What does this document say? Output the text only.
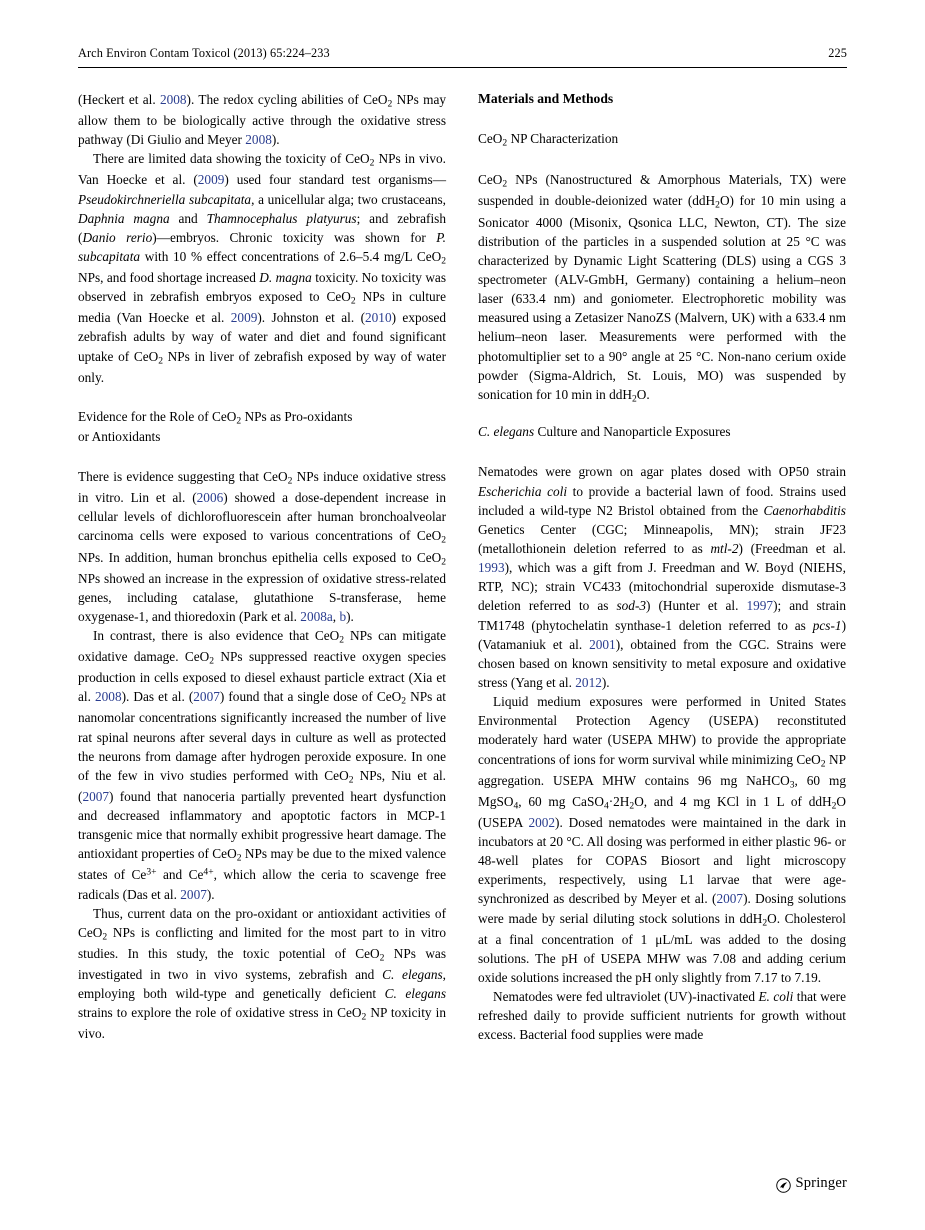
Arch Environ Contam Toxicol (2013) 65:224–233	225

(Heckert et al. 2008). The redox cycling abilities of CeO$_2$ NPs may allow them to be biologically active through the oxidative stress pathway (Di Giulio and Meyer 2008).

There are limited data showing the toxicity of CeO$_2$ NPs in vivo. Van Hoecke et al. (2009) used four standard test organisms—Pseudokirchneriella subcapitata, a unicellular alga; two crustaceans, Daphnia magna and Thamnocephalus platyurus; and zebrafish (Danio rerio)—embryos. Chronic toxicity was shown for P. subcapitata with 10 % effect concentrations of 2.6–5.4 mg/L CeO$_2$ NPs, and food shortage increased D. magna toxicity. No toxicity was observed in zebrafish embryos exposed to CeO$_2$ NPs in culture media (Van Hoecke et al. 2009). Johnston et al. (2010) exposed zebrafish adults by way of water and diet and found significant uptake of CeO$_2$ NPs in liver of zebrafish exposed by way of water only.

Evidence for the Role of CeO$_2$ NPs as Pro-oxidants
or Antioxidants

There is evidence suggesting that CeO$_2$ NPs induce oxidative stress in vitro. Lin et al. (2006) showed a dose-dependent increase in cellular levels of dichlorofluorescein after human bronchoalveolar carcinoma cells were exposed to various concentrations of CeO$_2$ NPs. In addition, human bronchus epithelia cells exposed to CeO$_2$ NPs showed an increase in the expression of oxidative stress-related genes, including catalase, glutathione S-transferase, heme oxygenase-1, and thioredoxin (Park et al. 2008a, b).

In contrast, there is also evidence that CeO$_2$ NPs can mitigate oxidative damage. CeO$_2$ NPs suppressed reactive oxygen species production in cells exposed to diesel exhaust particle extract (Xia et al. 2008). Das et al. (2007) found that a single dose of CeO$_2$ NPs at nanomolar concentrations significantly increased the number of live rat spinal neurons after several days in culture as well as protected the neurons from damage after hydrogen peroxide exposure. In one of the few in vivo studies performed with CeO$_2$ NPs, Niu et al. (2007) found that nanoceria partially prevented heart dysfunction and decreased inflammatory and apoptotic factors in MCP-1 transgenic mice that normally exhibit progressive heart damage. The antioxidant properties of CeO$_2$ NPs may be due to the mixed valence states of $Ce^{3+}$ and $Ce^{4+}$, which allow the ceria to scavenge free radicals (Das et al. 2007).

Thus, current data on the pro-oxidant or antioxidant activities of CeO$_2$ NPs is conflicting and limited for the most part to in vitro studies. In this study, the toxic potential of CeO$_2$ NPs was investigated in two in vivo systems, zebrafish and C. elegans, employing both wild-type and genetically deficient C. elegans strains to explore the role of oxidative stress in CeO$_2$ NP toxicity in vivo.

Materials and Methods
CeO$_2$ NP Characterization

CeO$_2$ NPs (Nanostructured & Amorphous Materials, TX) were suspended in double-deionized water (ddH$_2$O) for 10 min using a Sonicator 4000 (Misonix, Qsonica LLC, Newton, CT). The size distribution of the particles in a suspended solution at 25 °C was characterized by Dynamic Light Scattering (DLS) using a CGS 3 spectrometer (ALV-GmbH, Germany) containing a helium–neon laser (633.4 nm) and goniometer. Electrophoretic mobility was measured using a Zetasizer NanoZS (Malvern, UK) with a 633.4 nm helium–neon laser. Measurements were performed with the photomultiplier set to a 90° angle at 25 °C. Non-nano cerium oxide powder (Sigma-Aldrich, St. Louis, MO) was suspended by sonication for 10 min in ddH$_2$O.

C. elegans Culture and Nanoparticle Exposures

Nematodes were grown on agar plates dosed with OP50 strain Escherichia coli to provide a bacterial lawn of food. Strains used included a wild-type N2 Bristol obtained from the Caenorhabditis Genetics Center (CGC; Minneapolis, MN); strain JF23 (metallothionein deletion referred to as mtl-2) (Freedman et al. 1993), which was a gift from J. Freedman and W. Boyd (NIEHS, RTP, NC); strain VC433 (mitochondrial superoxide dismutase-3 deletion referred to as sod-3) (Hunter et al. 1997); and strain TM1748 (phytochelatin synthase-1 deletion referred to as pcs-1) (Vatamaniuk et al. 2001), obtained from the CGC. Strains were chosen based on known sensitivity to metal exposure and oxidative stress (Yang et al. 2012).

Liquid medium exposures were performed in United States Environmental Protection Agency (USEPA) reconstituted moderately hard water (USEPA MHW) to provide the appropriate concentrations of ions for worm survival while minimizing CeO$_2$ NP aggregation. USEPA MHW contains 96 mg NaHCO$_3$, 60 mg MgSO$_4$, 60 mg $CaSO_4\cdot 2H_2O$, and 4 mg KCl in 1 L of ddH$_2$O (USEPA 2002). Dosed nematodes were maintained in the dark in incubators at 20 °C. All dosing was performed in either plastic 96- or 48-well plates for COPAS Biosort and light microscopy experiments, respectively, using L1 larvae that were age-synchronized as described by Meyer et al. (2007). Dosing solutions were made by serial diluting stock solutions in ddH$_2$O. Cholesterol at a final concentration of 1 μL/mL was added to the dosing solutions. The pH of USEPA MHW was 7.08 and adding cerium oxide solutions increased the pH only slightly from 7.17 to 7.19.

Nematodes were fed ultraviolet (UV)-inactivated E. coli that were refreshed daily to provide sufficient nutrients for growth without excess. Bacterial food supplies were made

Springer
